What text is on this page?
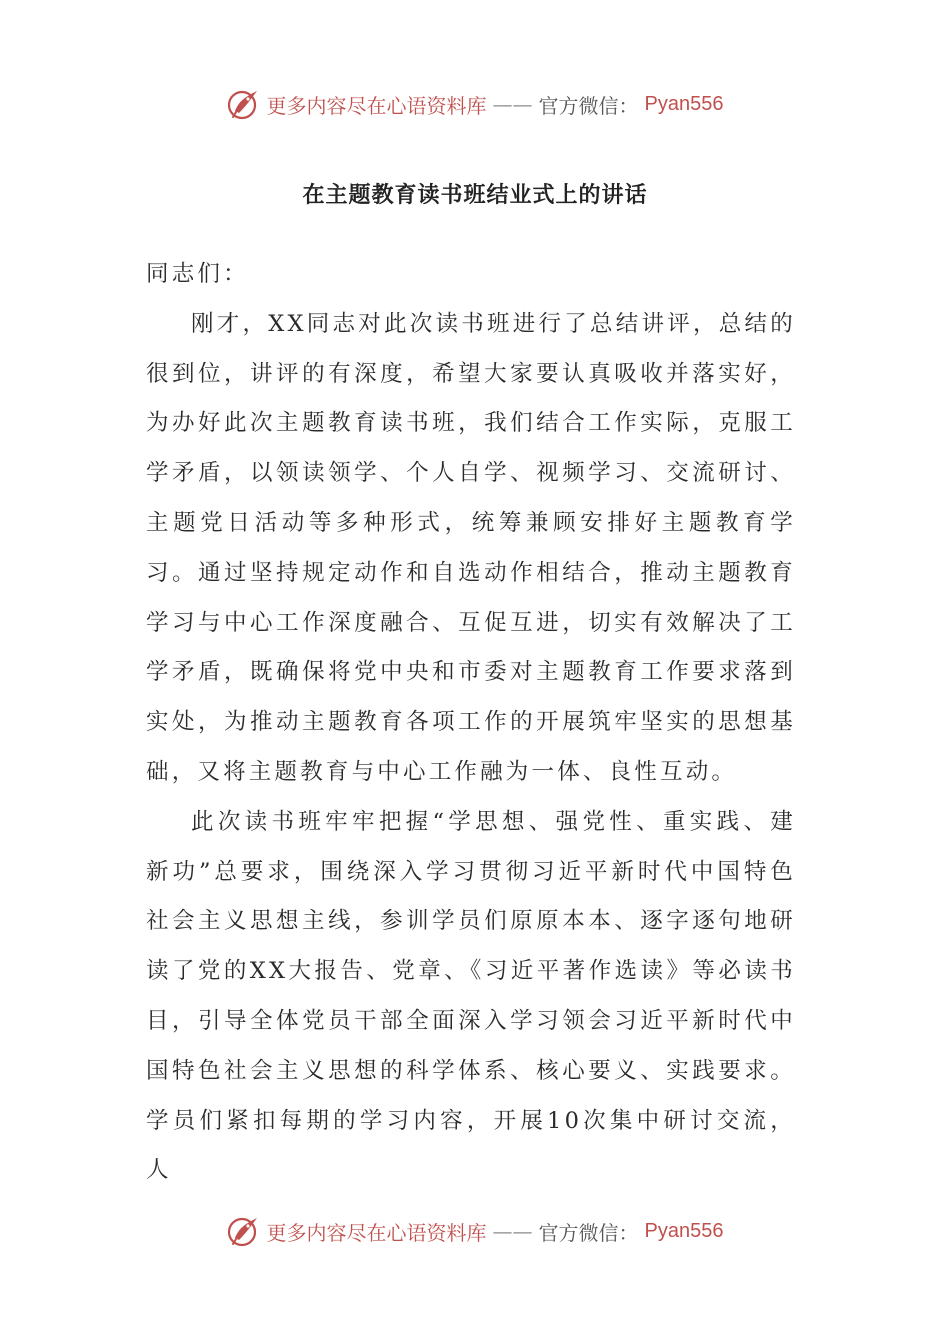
更多内容尽在心语资料库 —— 官方微信： Pyan556
在主题教育读书班结业式上的讲话

同志们：

刚才，XX同志对此次读书班进行了总结讲评，总结的很到位，讲评的有深度，希望大家要认真吸收并落实好，为办好此次主题教育读书班，我们结合工作实际，克服工学矛盾，以领读领学、个人自学、视频学习、交流研讨、主题党日活动等多种形式，统筹兼顾安排好主题教育学习。通过坚持规定动作和自选动作相结合，推动主题教育学习与中心工作深度融合、互促互进，切实有效解决了工学矛盾，既确保将党中央和市委对主题教育工作要求落到实处，为推动主题教育各项工作的开展筑牢坚实的思想基础，又将主题教育与中心工作融为一体、良性互动。

此次读书班牢牢把握“学思想、强党性、重实践、建新功”总要求，围绕深入学习贯彻习近平新时代中国特色社会主义思想主线，参训学员们原原本本、逐字逐句地研读了党的XX大报告、党章、《习近平著作选读》等必读书目，引导全体党员干部全面深入学习领会习近平新时代中国特色社会主义思想的科学体系、核心要义、实践要求。学员们紧扣每期的学习内容，开展10次集中研讨交流，人

更多内容尽在心语资料库 —— 官方微信： Pyan556
